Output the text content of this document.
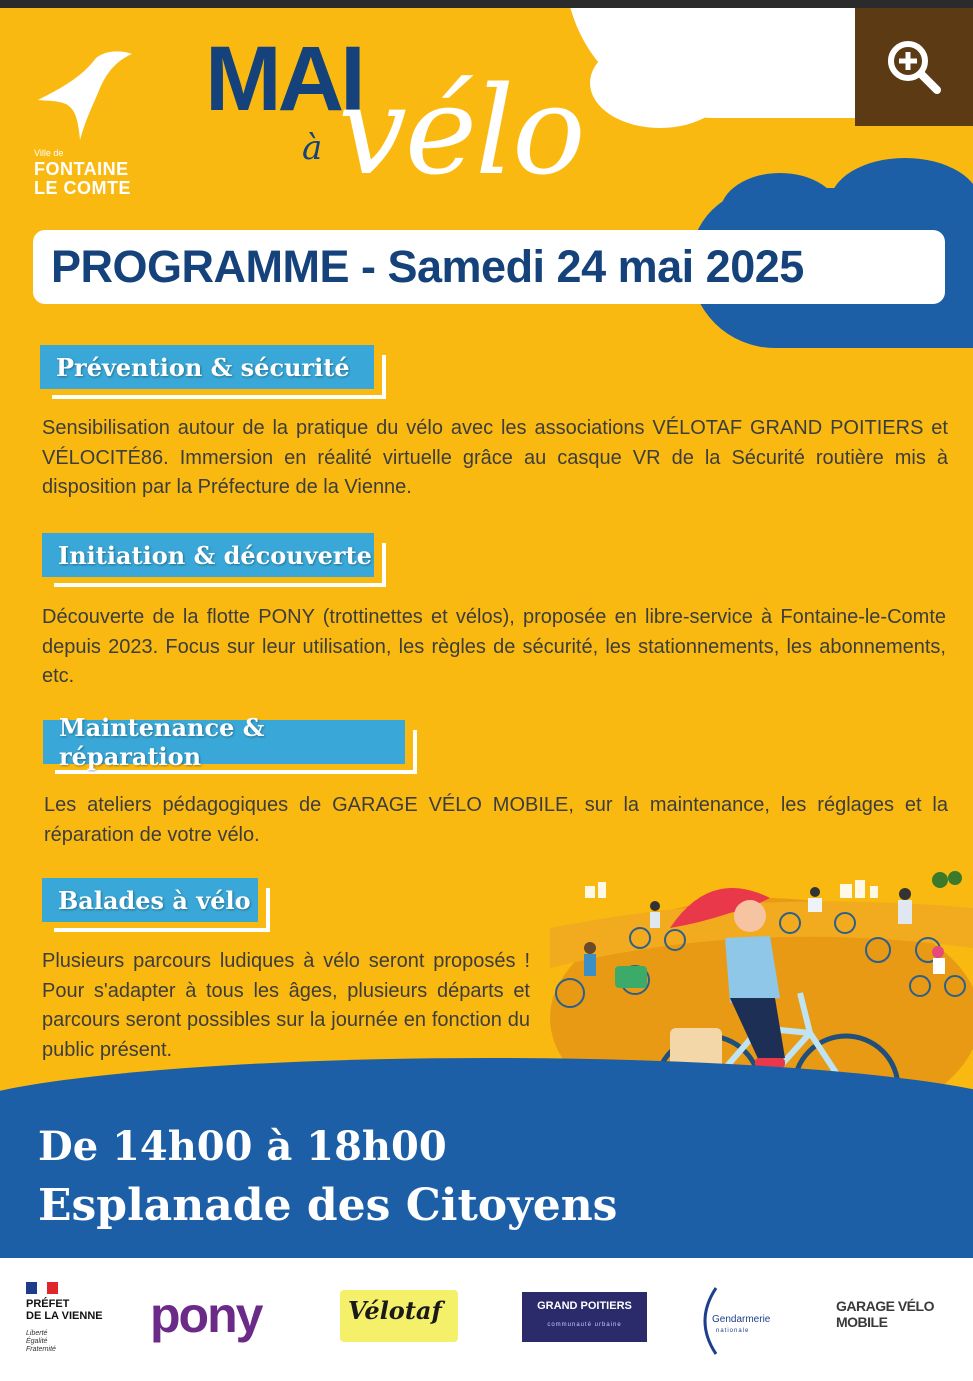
Ville de
FONTAINE
LE COMTE
MAI
à vélo
PROGRAMME - Samedi 24 mai 2025
Prévention & sécurité
Sensibilisation autour de la pratique du vélo avec les associations VÉLOTAF GRAND POITIERS et VÉLOCITÉ86. Immersion en réalité virtuelle grâce au casque VR de la Sécurité routière mis à disposition par la Préfecture de la Vienne.
Initiation & découverte
Découverte de la flotte PONY (trottinettes et vélos), proposée en libre-service à Fontaine-le-Comte depuis 2023. Focus sur leur utilisation, les règles de sécurité, les stationnements, les abonnements, etc.
Maintenance & réparation
Les ateliers pédagogiques de GARAGE VÉLO MOBILE, sur la maintenance, les réglages et la réparation de votre vélo.
Balades à vélo
Plusieurs parcours ludiques à vélo seront proposés ! Pour s'adapter à tous les âges, plusieurs départs et parcours seront possibles sur la journée en fonction du public présent.
De 14h00 à 18h00
Esplanade des Citoyens
PRÉFET
DE LA VIENNE
Liberté
Égalité
Fraternité
pony	Vélotaf	GRAND POITIERS
communauté urbaine	Gendarmerie
nationale
GARAGE VÉLO MOBILE
